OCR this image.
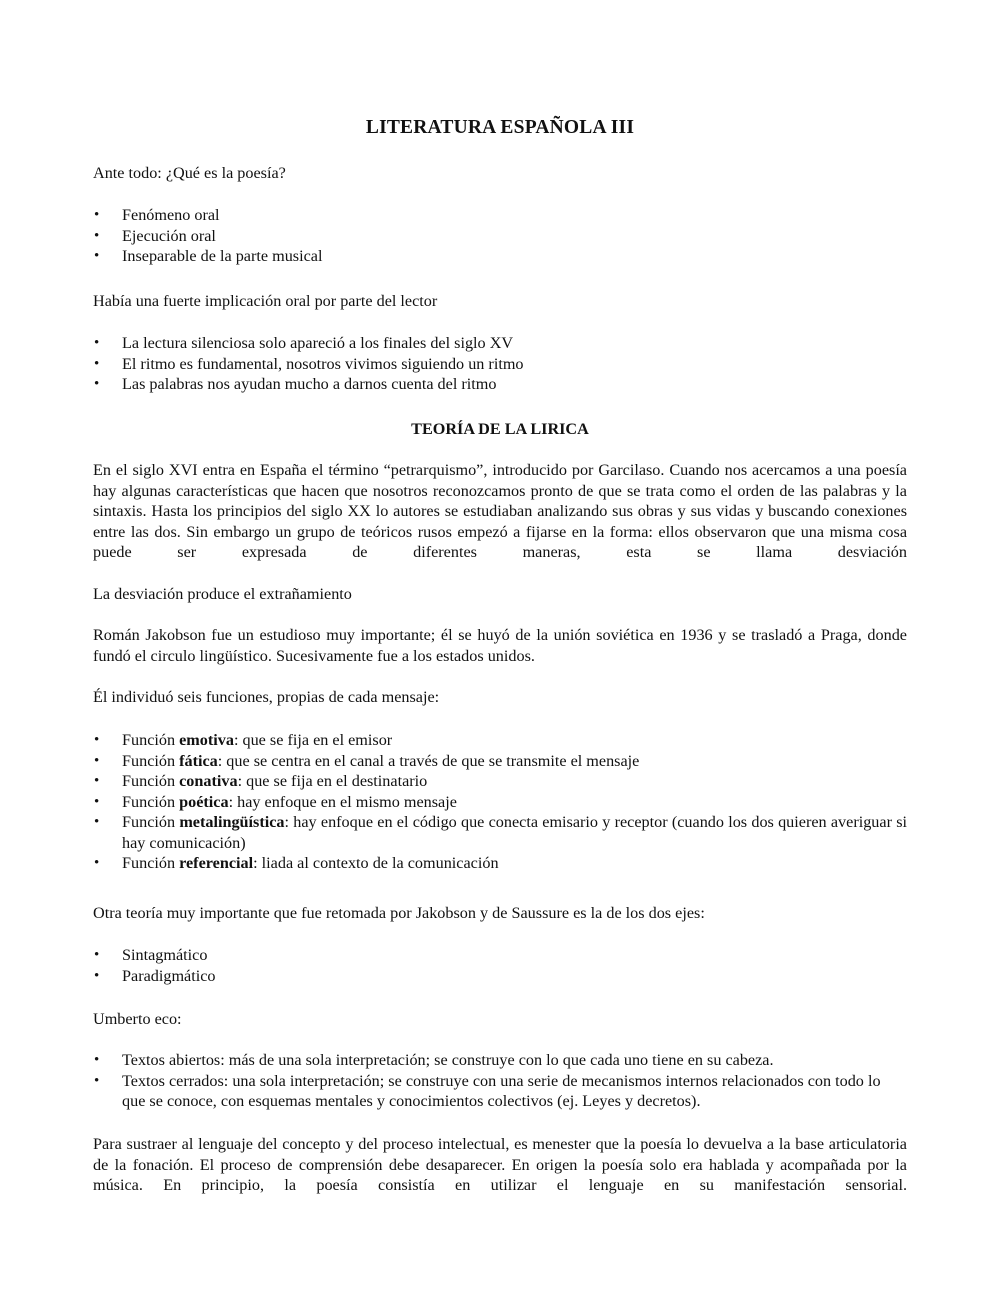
LITERATURA ESPAÑOLA III

Ante todo: ¿Qué es la poesía?

• Fenómeno oral
• Ejecución oral
• Inseparable de la parte musical

Había una fuerte implicación oral por parte del lector

• La lectura silenciosa solo apareció a los finales del siglo XV
• El ritmo es fundamental, nosotros vivimos siguiendo un ritmo
• Las palabras nos ayudan mucho a darnos cuenta del ritmo
TEORÍA DE LA LIRICA

En el siglo XVI entra en España el término “petrarquismo”, introducido por Garcilaso. Cuando nos acercamos a una poesía hay algunas características que hacen que nosotros reconozcamos pronto de que se trata como el orden de las palabras y la sintaxis. Hasta los principios del siglo XX lo autores se estudiaban analizando sus obras y sus vidas y buscando conexiones entre las dos. Sin embargo un grupo de teóricos rusos empezó a fijarse en la forma: ellos observaron que una misma cosa puede ser expresada de diferentes maneras, esta se llama desviación

La desviación produce el extrañamiento

Román Jakobson fue un estudioso muy importante; él se huyó de la unión soviética en 1936 y se trasladó a Praga, donde fundó el circulo lingüístico. Sucesivamente fue a los estados unidos.

Él individuó seis funciones, propias de cada mensaje:

• Función emotiva: que se fija en el emisor
• Función fática: que se centra en el canal a través de que se transmite el mensaje
• Función conativa: que se fija en el destinatario
• Función poética: hay enfoque en el mismo mensaje
• Función metalingüística: hay enfoque en el código que conecta emisario y receptor (cuando los dos quieren averiguar si hay comunicación)
• Función referencial: liada al contexto de la comunicación

Otra teoría muy importante que fue retomada por Jakobson y de Saussure es la de los dos ejes:

• Sintagmático
• Paradigmático

Umberto eco:

• Textos abiertos: más de una sola interpretación; se construye con lo que cada uno tiene en su cabeza.
• Textos cerrados: una sola interpretación; se construye con una serie de mecanismos internos relacionados con todo lo que se conoce, con esquemas mentales y conocimientos colectivos (ej. Leyes y decretos).

Para sustraer al lenguaje del concepto y del proceso intelectual, es menester que la poesía lo devuelva a la base articulatoria de la fonación. El proceso de comprensión debe desaparecer. En origen la poesía solo era hablada y acompañada por la música. En principio, la poesía consistía en utilizar el lenguaje en su manifestación sensorial.
